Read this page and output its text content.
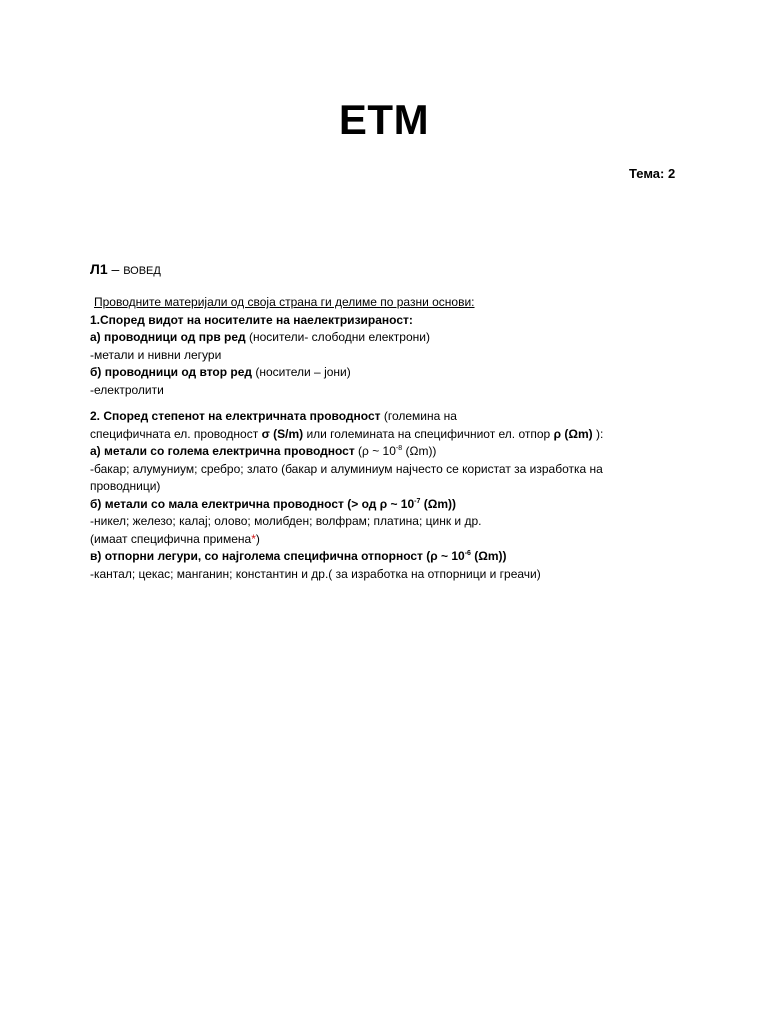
ЕТМ
Тема: 2
Л1 – ВОВЕД
Проводните материјали од своја страна ги делиме по разни основи:
1.Според видот на носителите на наелектризираност:
а) проводници од прв ред (носители- слободни електрони)
-метали и нивни легури
б) проводници од втор ред (носители – јони)
-електролити
2. Според степенот на електричната проводност (големина на
специфичната ел. проводност σ (S/m) или големината на специфичниот ел. отпор ρ (Ωm) ):
а) метали со голема електрична проводност (ρ ~ $10^{-8}$ (Ωm))
-бакар; алумуниум; сребро; злато (бакар и алуминиум најчесто се користат за изработка на
проводници)
б) метали со мала електрична проводност (> од ρ ~ $10^{-7}$ (Ωm))
-никел; железо; калај; олово; молибден; волфрам; платина; цинк и др.
(имаат специфична примена*)
в) отпорни легури, со најголема специфична отпорност (ρ ~ $10^{-6}$ (Ωm))
-кантал; цекас; манганин; константин и др.( за изработка на отпорници и греачи)
